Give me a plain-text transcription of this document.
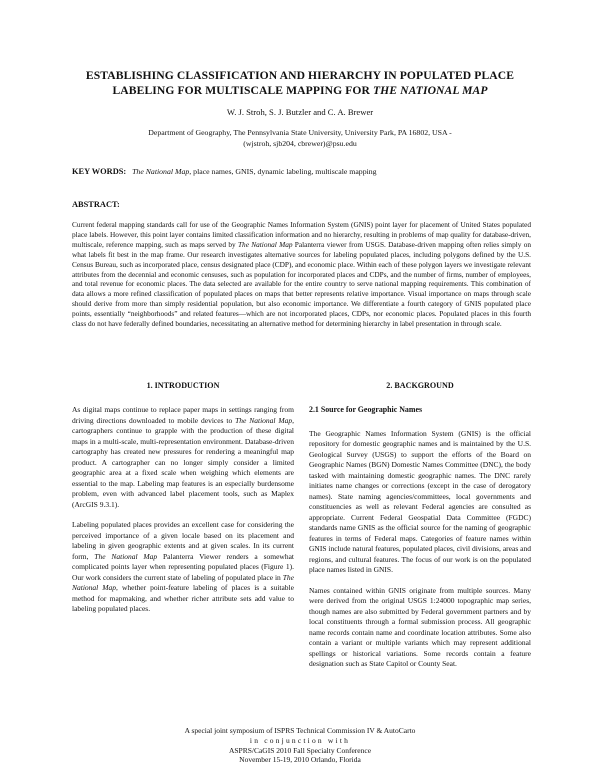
ESTABLISHING CLASSIFICATION AND HIERARCHY IN POPULATED PLACE
LABELING FOR MULTISCALE MAPPING FOR THE NATIONAL MAP
W. J. Stroh, S. J. Butzler and C. A. Brewer
Department of Geography, The Pennsylvania State University, University Park, PA 16802, USA -
(wjstroh, sjb204, cbrewer)@psu.edu
KEY WORDS: The National Map, place names, GNIS, dynamic labeling, multiscale mapping
ABSTRACT:
Current federal mapping standards call for use of the Geographic Names Information System (GNIS) point layer for placement of United States populated place labels. However, this point layer contains limited classification information and no hierarchy, resulting in problems of map quality for database-driven, multiscale, reference mapping, such as maps served by The National Map Palanterra viewer from USGS. Database-driven mapping often relies simply on what labels fit best in the map frame. Our research investigates alternative sources for labeling populated places, including polygons defined by the U.S. Census Bureau, such as incorporated place, census designated place (CDP), and economic place. Within each of these polygon layers we investigate relevant attributes from the decennial and economic censuses, such as population for incorporated places and CDPs, and the number of firms, number of employees, and total revenue for economic places. The data selected are available for the entire country to serve national mapping requirements. This combination of data allows a more refined classification of populated places on maps that better represents relative importance. Visual importance on maps through scale should derive from more than simply residential population, but also economic importance. We differentiate a fourth category of GNIS populated place points, essentially “neighborhoods” and related features—which are not incorporated places, CDPs, nor economic places. Populated places in this fourth class do not have federally defined boundaries, necessitating an alternative method for determining hierarchy in label presentation in through scale.
1. INTRODUCTION

As digital maps continue to replace paper maps in settings ranging from driving directions downloaded to mobile devices to The National Map, cartographers continue to grapple with the production of these digital maps in a multi-scale, multi-representation environment. Database-driven cartography has created new pressures for rendering a meaningful map product. A cartographer can no longer simply consider a limited geographic area at a fixed scale when weighing which elements are essential to the map. Labeling map features is an especially burdensome problem, even with advanced label placement tools, such as Maplex (ArcGIS 9.3.1).

Labeling populated places provides an excellent case for considering the perceived importance of a given locale based on its placement and labeling in given geographic extents and at given scales. In its current form, The National Map Palanterra Viewer renders a somewhat complicated points layer when representing populated places (Figure 1). Our work considers the current state of labeling of populated place in The National Map, whether point-feature labeling of places is a suitable method for mapmaking, and whether richer attribute sets add value to labeling populated places.

2. BACKGROUND
2.1 Source for Geographic Names

The Geographic Names Information System (GNIS) is the official repository for domestic geographic names and is maintained by the U.S. Geological Survey (USGS) to support the efforts of the Board on Geographic Names (BGN) Domestic Names Committee (DNC), the body tasked with maintaining domestic geographic names. The DNC rarely initiates name changes or corrections (except in the case of derogatory names). State naming agencies/committees, local governments and constituencies as well as relevant Federal agencies are consulted as appropriate. Current Federal Geospatial Data Committee (FGDC) standards name GNIS as the official source for the naming of geographic features in terms of Federal maps. Categories of feature names within GNIS include natural features, populated places, civil divisions, areas and regions, and cultural features. The focus of our work is on the populated place names listed in GNIS.

Names contained within GNIS originate from multiple sources. Many were derived from the original USGS 1:24000 topographic map series, though names are also submitted by Federal government partners and by local constituents through a formal submission process. All geographic name records contain name and coordinate location attributes. Some also contain a variant or multiple variants which may represent additional spellings or historical variations. Some records contain a feature designation such as State Capitol or County Seat.

A special joint symposium of ISPRS Technical Commission IV & AutoCarto
in conjunction with
ASPRS/CaGIS 2010 Fall Specialty Conference
November 15-19, 2010 Orlando, Florida
